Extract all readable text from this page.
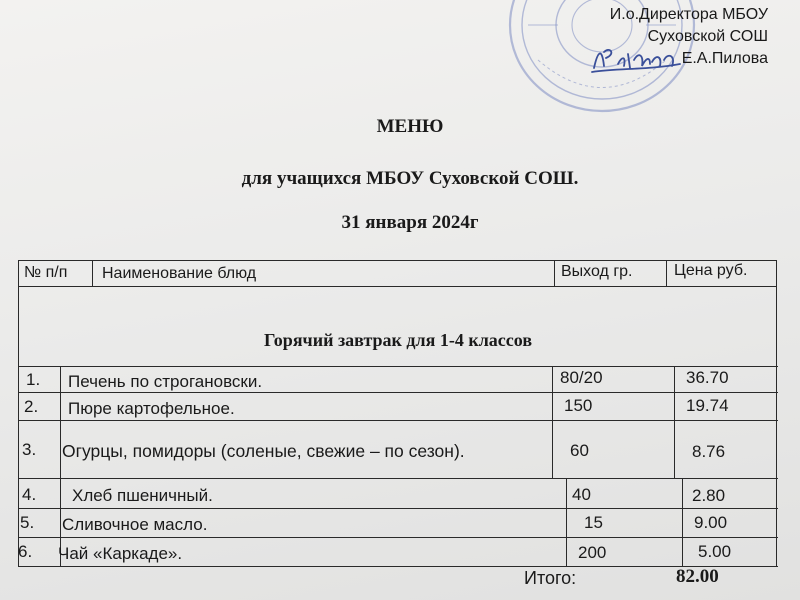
И.о.Директора МБОУ
Суховской СОШ
Е.А.Пилова
МЕНЮ
для учащихся МБОУ Суховской СОШ.
31 января 2024г
№ п/п Наименование блюд	Выход гр.	Цена руб.
Горячий завтрак для 1-4 классов
1. Печень по строгановски.	80/20	36.70
2. Пюре картофельное.	150	19.74
3. Огурцы, помидоры (соленые, свежие – по сезон).	60	8.76
4. Хлеб пшеничный.	40	2.80
5. Сливочное масло.	15	9.00
6. Чай «Каркаде».	200	5.00
Итого:	82.00
